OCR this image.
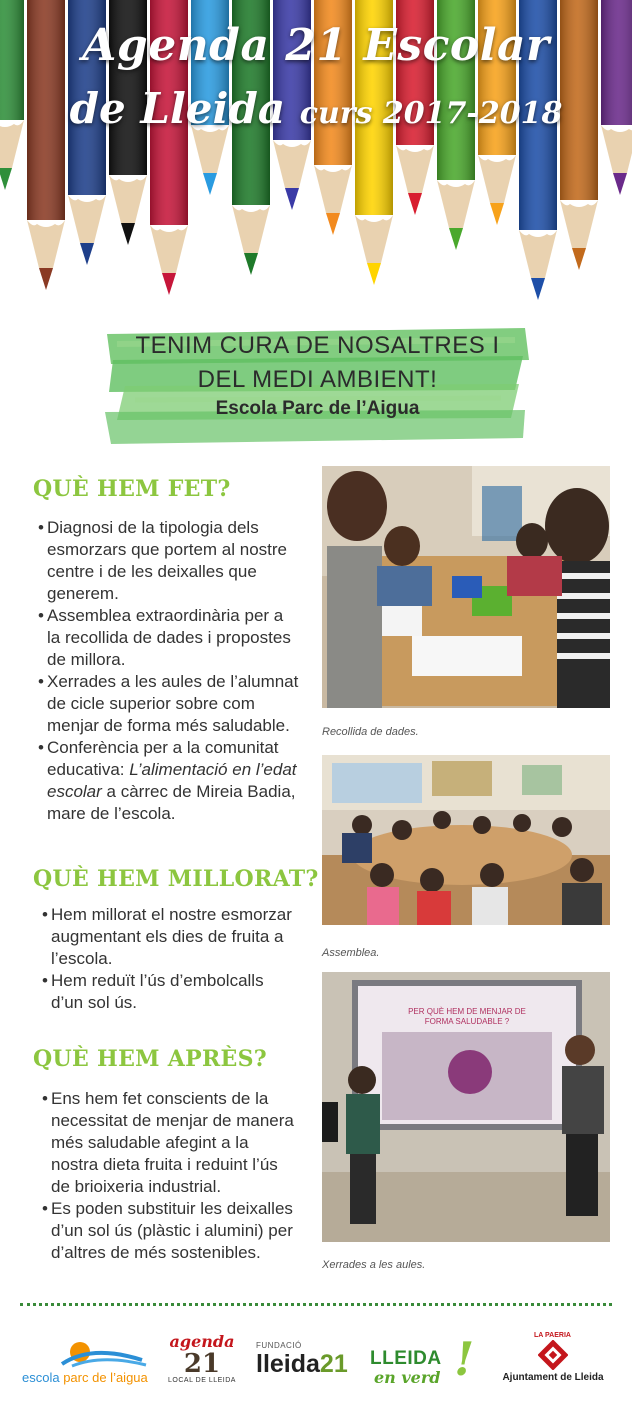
Agenda 21 Escolar
de Lleida curs 2017-2018
TENIM CURA DE NOSALTRES I
DEL MEDI AMBIENT!
Escola Parc de l’Aigua
QUÈ HEM FET?
• Diagnosi de la tipologia dels esmorzars que portem al nostre centre i de les deixalles que generem.
• Assemblea extraordinària per a la recollida de dades i propostes de millora.
• Xerrades a les aules de l’alumnat de cicle superior sobre com menjar de forma més saludable.
• Conferència per a la comunitat educativa: L’alimentació en l’edat escolar a càrrec de Mireia Badia, mare de l’escola.
QUÈ HEM MILLORAT?
• Hem millorat el nostre esmorzar augmentant els dies de fruita a l’escola.
• Hem reduït l’ús d’embolcalls d’un sol ús.
QUÈ HEM APRÈS?
• Ens hem fet conscients de la necessitat de menjar de manera més saludable afegint a la nostra dieta fruita i reduint l’ús de brioixeria industrial.
• Es poden substituir les deixalles d’un sol ús (plàstic i alumini) per d’altres de més sostenibles.
Recollida de dades.
Assemblea.
PER QUÈ HEM DE MENJAR DE
FORMA SALUDABLE ?
Xerrades a les aules.
escola parc de l’aigua
agenda
21
LOCAL DE LLEIDA
FUNDACIÓ
lleida21	LLEIDA
en verd !	LA PAERIA
Ajuntament de Lleida
